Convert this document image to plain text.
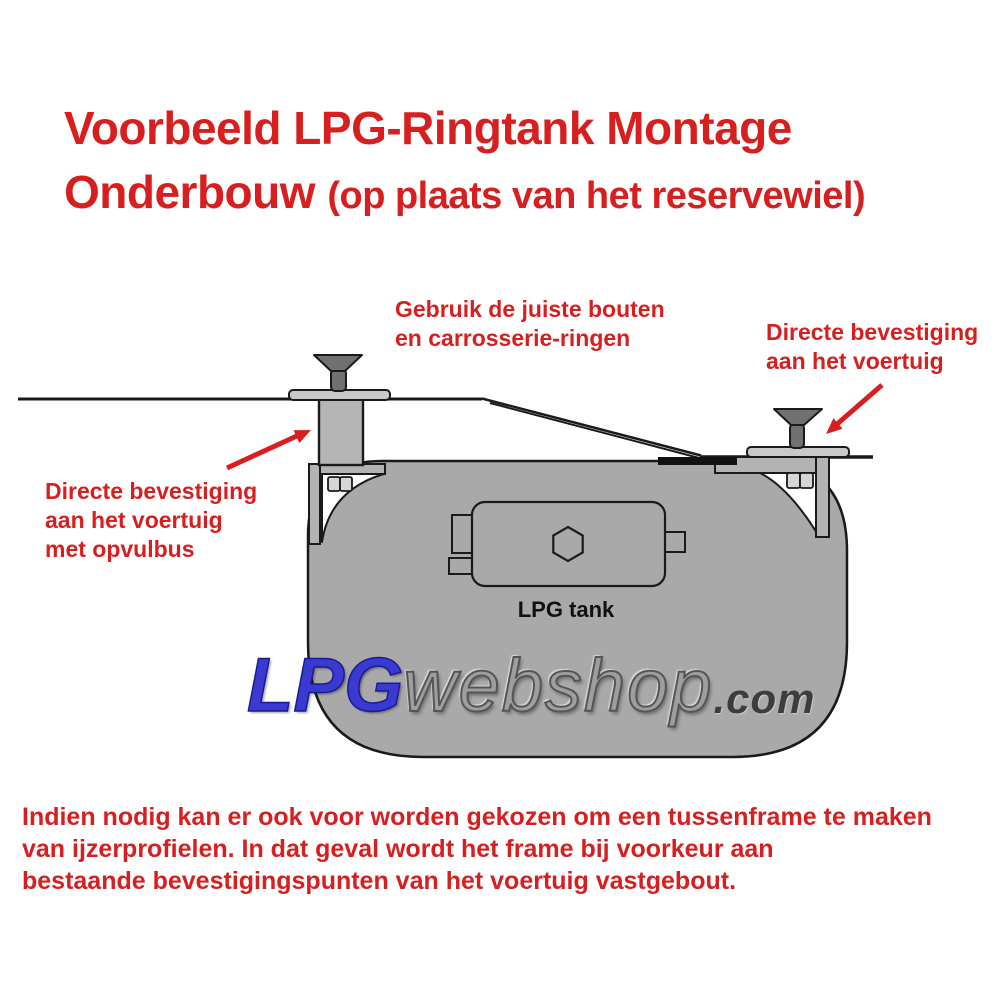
Voorbeeld LPG-Ringtank Montage
Onderbouw (op plaats van het reservewiel)
LPG tank
Gebruik de juiste bouten
en carrosserie-ringen	Directe bevestiging
aan het voertuig
Directe bevestiging
aan het voertuig
met opvulbus
LPGwebshop.com
Indien nodig kan er ook voor worden gekozen om een tussenframe te maken
van ijzerprofielen. In dat geval wordt het frame bij voorkeur aan
bestaande bevestigingspunten van het voertuig vastgebout.
